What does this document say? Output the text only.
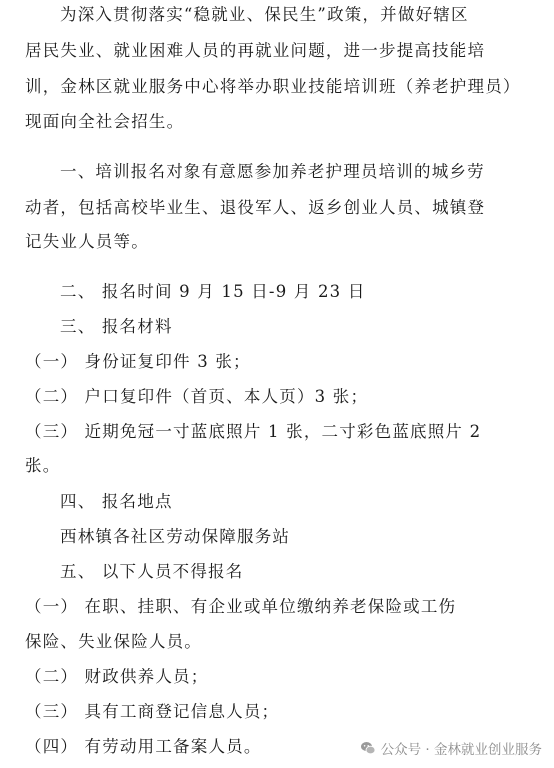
为深入贯彻落实“稳就业、保民生”政策，并做好辖区
居民失业、就业困难人员的再就业问题，进一步提高技能培
训，金林区就业服务中心将举办职业技能培训班（养老护理员）
现面向全社会招生。
一、培训报名对象有意愿参加养老护理员培训的城乡劳
动者，包括高校毕业生、退役军人、返乡创业人员、城镇登
记失业人员等。
二、 报名时间 9 月 15 日-9 月 23 日
三、 报名材料
（一） 身份证复印件 3 张；
（二） 户口复印件（首页、本人页）3 张；
（三） 近期免冠一寸蓝底照片 1 张，二寸彩色蓝底照片 2
张。
四、 报名地点
西林镇各社区劳动保障服务站
五、 以下人员不得报名
（一） 在职、挂职、有企业或单位缴纳养老保险或工伤
保险、失业保险人员。
（二） 财政供养人员；
（三） 具有工商登记信息人员；
（四） 有劳动用工备案人员。	公众号 · 金林就业创业服务
